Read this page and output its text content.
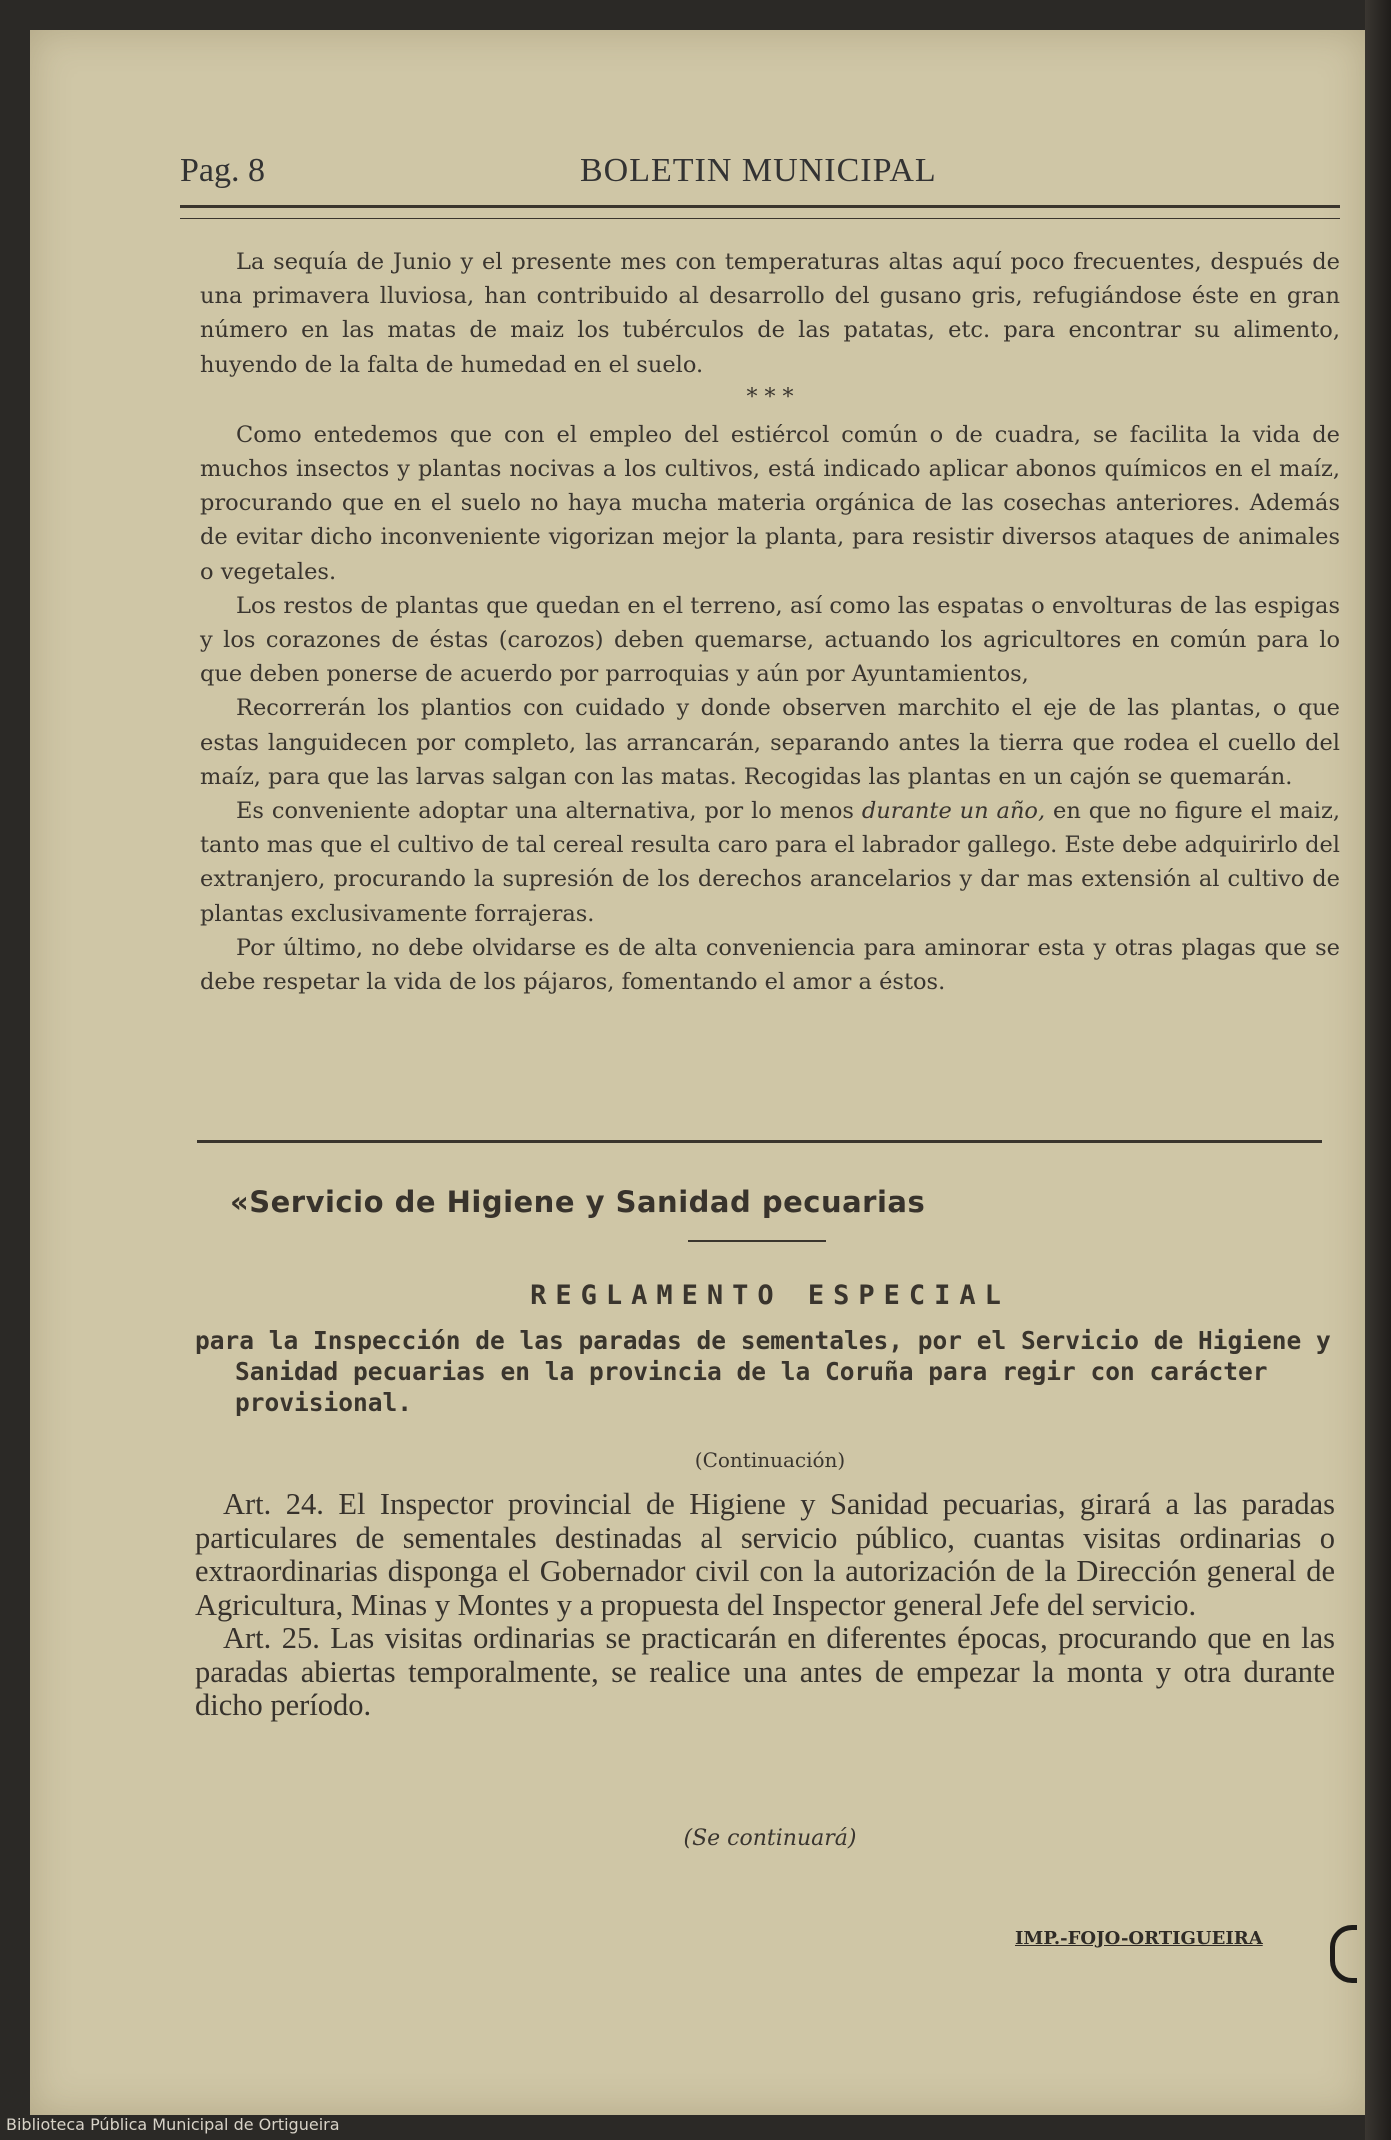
Pag. 8	BOLETIN MUNICIPAL

La sequía de Junio y el presente mes con temperaturas altas aquí poco frecuentes, después de una primavera lluviosa, han contribuido al desarrollo del gusano gris, refugiándose éste en gran número en las matas de maiz los tubérculos de las patatas, etc. para encontrar su alimento, huyendo de la falta de humedad en el suelo.

* * *

Como entedemos que con el empleo del estiércol común o de cuadra, se facilita la vida de muchos insectos y plantas nocivas a los cultivos, está indicado aplicar abonos químicos en el maíz, procurando que en el suelo no haya mucha materia orgánica de las cosechas anteriores. Además de evitar dicho inconveniente vigorizan mejor la planta, para resistir diversos ataques de animales o vegetales.

Los restos de plantas que quedan en el terreno, así como las espatas o envolturas de las espigas y los corazones de éstas (carozos) deben quemarse, actuando los agricultores en común para lo que deben ponerse de acuerdo por parroquias y aún por Ayuntamientos,

Recorrerán los plantios con cuidado y donde observen marchito el eje de las plantas, o que estas languidecen por completo, las arrancarán, separando antes la tierra que rodea el cuello del maíz, para que las larvas salgan con las matas. Recogidas las plantas en un cajón se quemarán.

Es conveniente adoptar una alternativa, por lo menos durante un año, en que no figure el maiz, tanto mas que el cultivo de tal cereal resulta caro para el labrador gallego. Este debe adquirirlo del extranjero, procurando la supresión de los derechos arancelarios y dar mas extensión al cultivo de plantas exclusivamente forrajeras.

Por último, no debe olvidarse es de alta conveniencia para aminorar esta y otras plagas que se debe respetar la vida de los pájaros, fomentando el amor a éstos.

«Servicio de Higiene y Sanidad pecuarias
REGLAMENTO ESPECIAL
para la Inspección de las paradas de sementales, por el Servicio de Higiene y Sanidad pecuarias en la provincia de la Coruña para regir con carácter provisional.
(Continuación)

Art. 24. El Inspector provincial de Higiene y Sanidad pecuarias, girará a las paradas particulares de sementales destinadas al servicio público, cuantas visitas ordinarias o extraordinarias disponga el Gobernador civil con la autorización de la Dirección general de Agricultura, Minas y Montes y a propuesta del Inspector general Jefe del servicio.

Art. 25. Las visitas ordinarias se practicarán en diferentes épocas, procurando que en las paradas abiertas temporalmente, se realice una antes de empezar la monta y otra durante dicho período.

(Se continuará)
IMP.-FOJO-ORTIGUEIRA
Biblioteca Pública Municipal de Ortigueira
